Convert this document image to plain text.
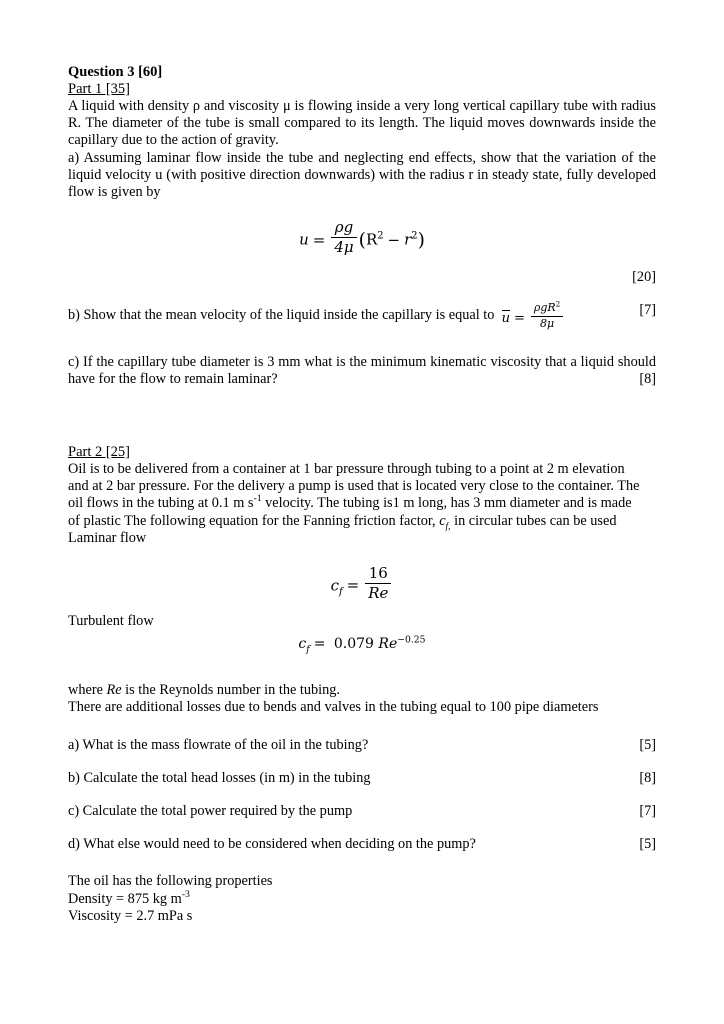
Question 3 [60]
Part 1 [35]

A liquid with density ρ and viscosity μ is flowing inside a very long vertical capillary tube with radius R. The diameter of the tube is small compared to its length. The liquid moves downwards inside the capillary due to the action of gravity.

a) Assuming laminar flow inside the tube and neglecting end effects, show that the variation of the liquid velocity u (with positive direction downwards) with the radius r in steady state, fully developed flow is given by

$u = \frac{\rho g}{4\mu} (R^2 - r^2)$
[20]
b) Show that the mean velocity of the liquid inside the capillary is equal to $u = \frac{\rho gR^2}{8\mu}$	[7]

c) If the capillary tube diameter is 3 mm what is the minimum kinematic viscosity that a liquid should have for the flow to remain laminar?	[8]
Part 2 [25]
Oil is to be delivered from a container at 1 bar pressure through tubing to a point at 2 m elevation
and at 2 bar pressure. For the delivery a pump is used that is located very close to the container. The
oil flows in the tubing at 0.1 m $s^{-1}$ velocity. The tubing is1 m long, has 3 mm diameter and is made
of plastic The following equation for the Fanning friction factor, $c_{f,}$ in circular tubes can be used
Laminar flow
$c_f = \frac{16}{Re}$
Turbulent flow
$c_f = 0.079$ $Re^{-0.25}$
where Re is the Reynolds number in the tubing.
There are additional losses due to bends and valves in the tubing equal to 100 pipe diameters
a) What is the mass flowrate of the oil in the tubing?	[5]
b) Calculate the total head losses (in m) in the tubing	[8]
c) Calculate the total power required by the pump	[7]
d) What else would need to be considered when deciding on the pump?	[5]
The oil has the following properties
Density = 875 kg $m^{-3}$
Viscosity = 2.7 mPa s
